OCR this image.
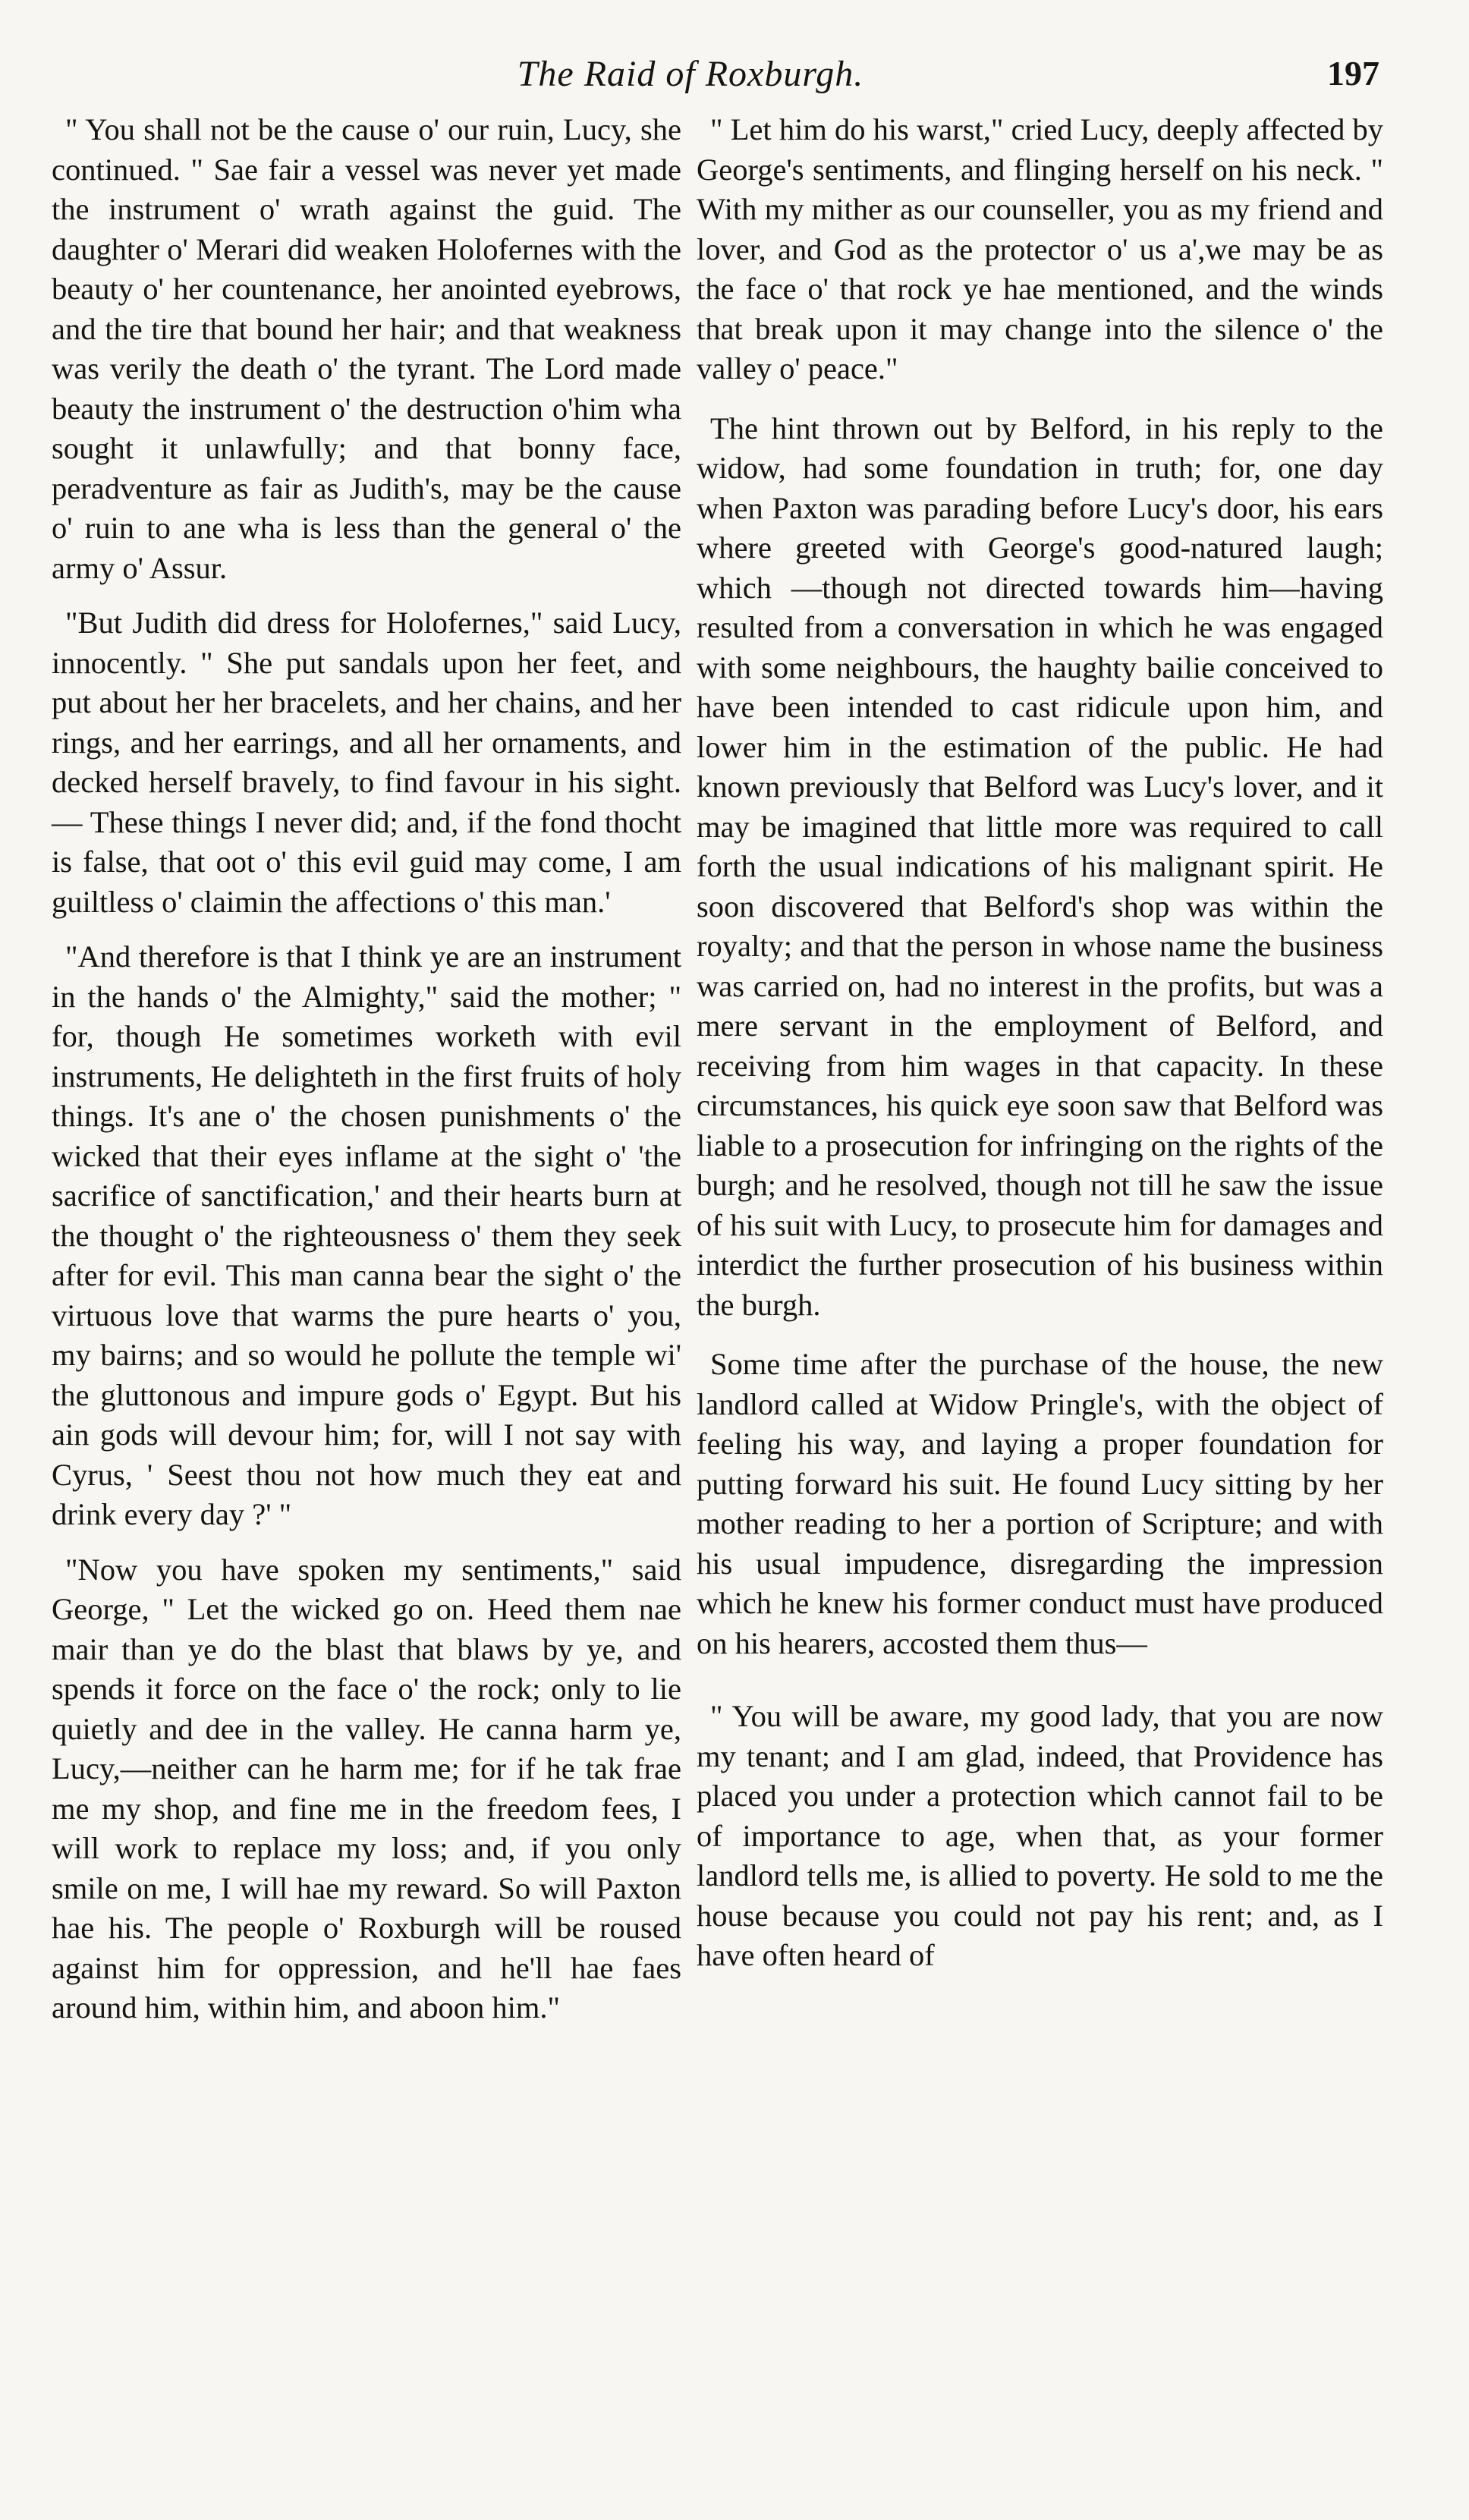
The Raid of Roxburgh.	197

" You shall not be the cause o' our ruin, Lucy, she continued. " Sae fair a vessel was never yet made the instrument o' wrath against the guid. The daughter o' Merari did weaken Holofernes with the beauty o' her countenance, her anointed eyebrows, and the tire that bound her hair; and that weakness was verily the death o' the tyrant. The Lord made beauty the instrument o' the destruction o'him wha sought it unlawfully; and that bonny face, peradventure as fair as Judith's, may be the cause o' ruin to ane wha is less than the general o' the army o' Assur.

"But Judith did dress for Holofernes," said Lucy, innocently. " She put sandals upon her feet, and put about her her bracelets, and her chains, and her rings, and her earrings, and all her ornaments, and decked herself bravely, to find favour in his sight.— These things I never did; and, if the fond thocht is false, that oot o' this evil guid may come, I am guiltless o' claimin the affections o' this man.'

"And therefore is that I think ye are an instrument in the hands o' the Almighty," said the mother; " for, though He sometimes worketh with evil instruments, He delighteth in the first fruits of holy things. It's ane o' the chosen punishments o' the wicked that their eyes inflame at the sight o' 'the sacrifice of sanctification,' and their hearts burn at the thought o' the righteousness o' them they seek after for evil. This man canna bear the sight o' the virtuous love that warms the pure hearts o' you, my bairns; and so would he pollute the temple wi' the gluttonous and impure gods o' Egypt. But his ain gods will devour him; for, will I not say with Cyrus, ' Seest thou not how much they eat and drink every day ?' "

"Now you have spoken my sentiments," said George, " Let the wicked go on. Heed them nae mair than ye do the blast that blaws by ye, and spends it force on the face o' the rock; only to lie quietly and dee in the valley. He canna harm ye, Lucy,—neither can he harm me; for if he tak frae me my shop, and fine me in the freedom fees, I will work to replace my loss; and, if you only smile on me, I will hae my reward. So will Paxton hae his. The people o' Roxburgh will be roused against him for oppression, and he'll hae faes around him, within him, and aboon him."

" Let him do his warst," cried Lucy, deeply affected by George's sentiments, and flinging herself on his neck. " With my mither as our counseller, you as my friend and lover, and God as the protector o' us a',we may be as the face o' that rock ye hae mentioned, and the winds that break upon it may change into the silence o' the valley o' peace."

The hint thrown out by Belford, in his reply to the widow, had some foundation in truth; for, one day when Paxton was parading before Lucy's door, his ears where greeted with George's good-natured laugh; which —though not directed towards him—having resulted from a conversation in which he was engaged with some neighbours, the haughty bailie conceived to have been intended to cast ridicule upon him, and lower him in the estimation of the public. He had known previously that Belford was Lucy's lover, and it may be imagined that little more was required to call forth the usual indications of his malignant spirit. He soon discovered that Belford's shop was within the royalty; and that the person in whose name the business was carried on, had no interest in the profits, but was a mere servant in the employment of Belford, and receiving from him wages in that capacity. In these circumstances, his quick eye soon saw that Belford was liable to a prosecution for infringing on the rights of the burgh; and he resolved, though not till he saw the issue of his suit with Lucy, to prosecute him for damages and interdict the further prosecution of his business within the burgh.

Some time after the purchase of the house, the new landlord called at Widow Pringle's, with the object of feeling his way, and laying a proper foundation for putting forward his suit. He found Lucy sitting by her mother reading to her a portion of Scripture; and with his usual impudence, disregarding the impression which he knew his former conduct must have produced on his hearers, accosted them thus—

" You will be aware, my good lady, that you are now my tenant; and I am glad, indeed, that Providence has placed you under a protection which cannot fail to be of importance to age, when that, as your former landlord tells me, is allied to poverty. He sold to me the house because you could not pay his rent; and, as I have often heard of
